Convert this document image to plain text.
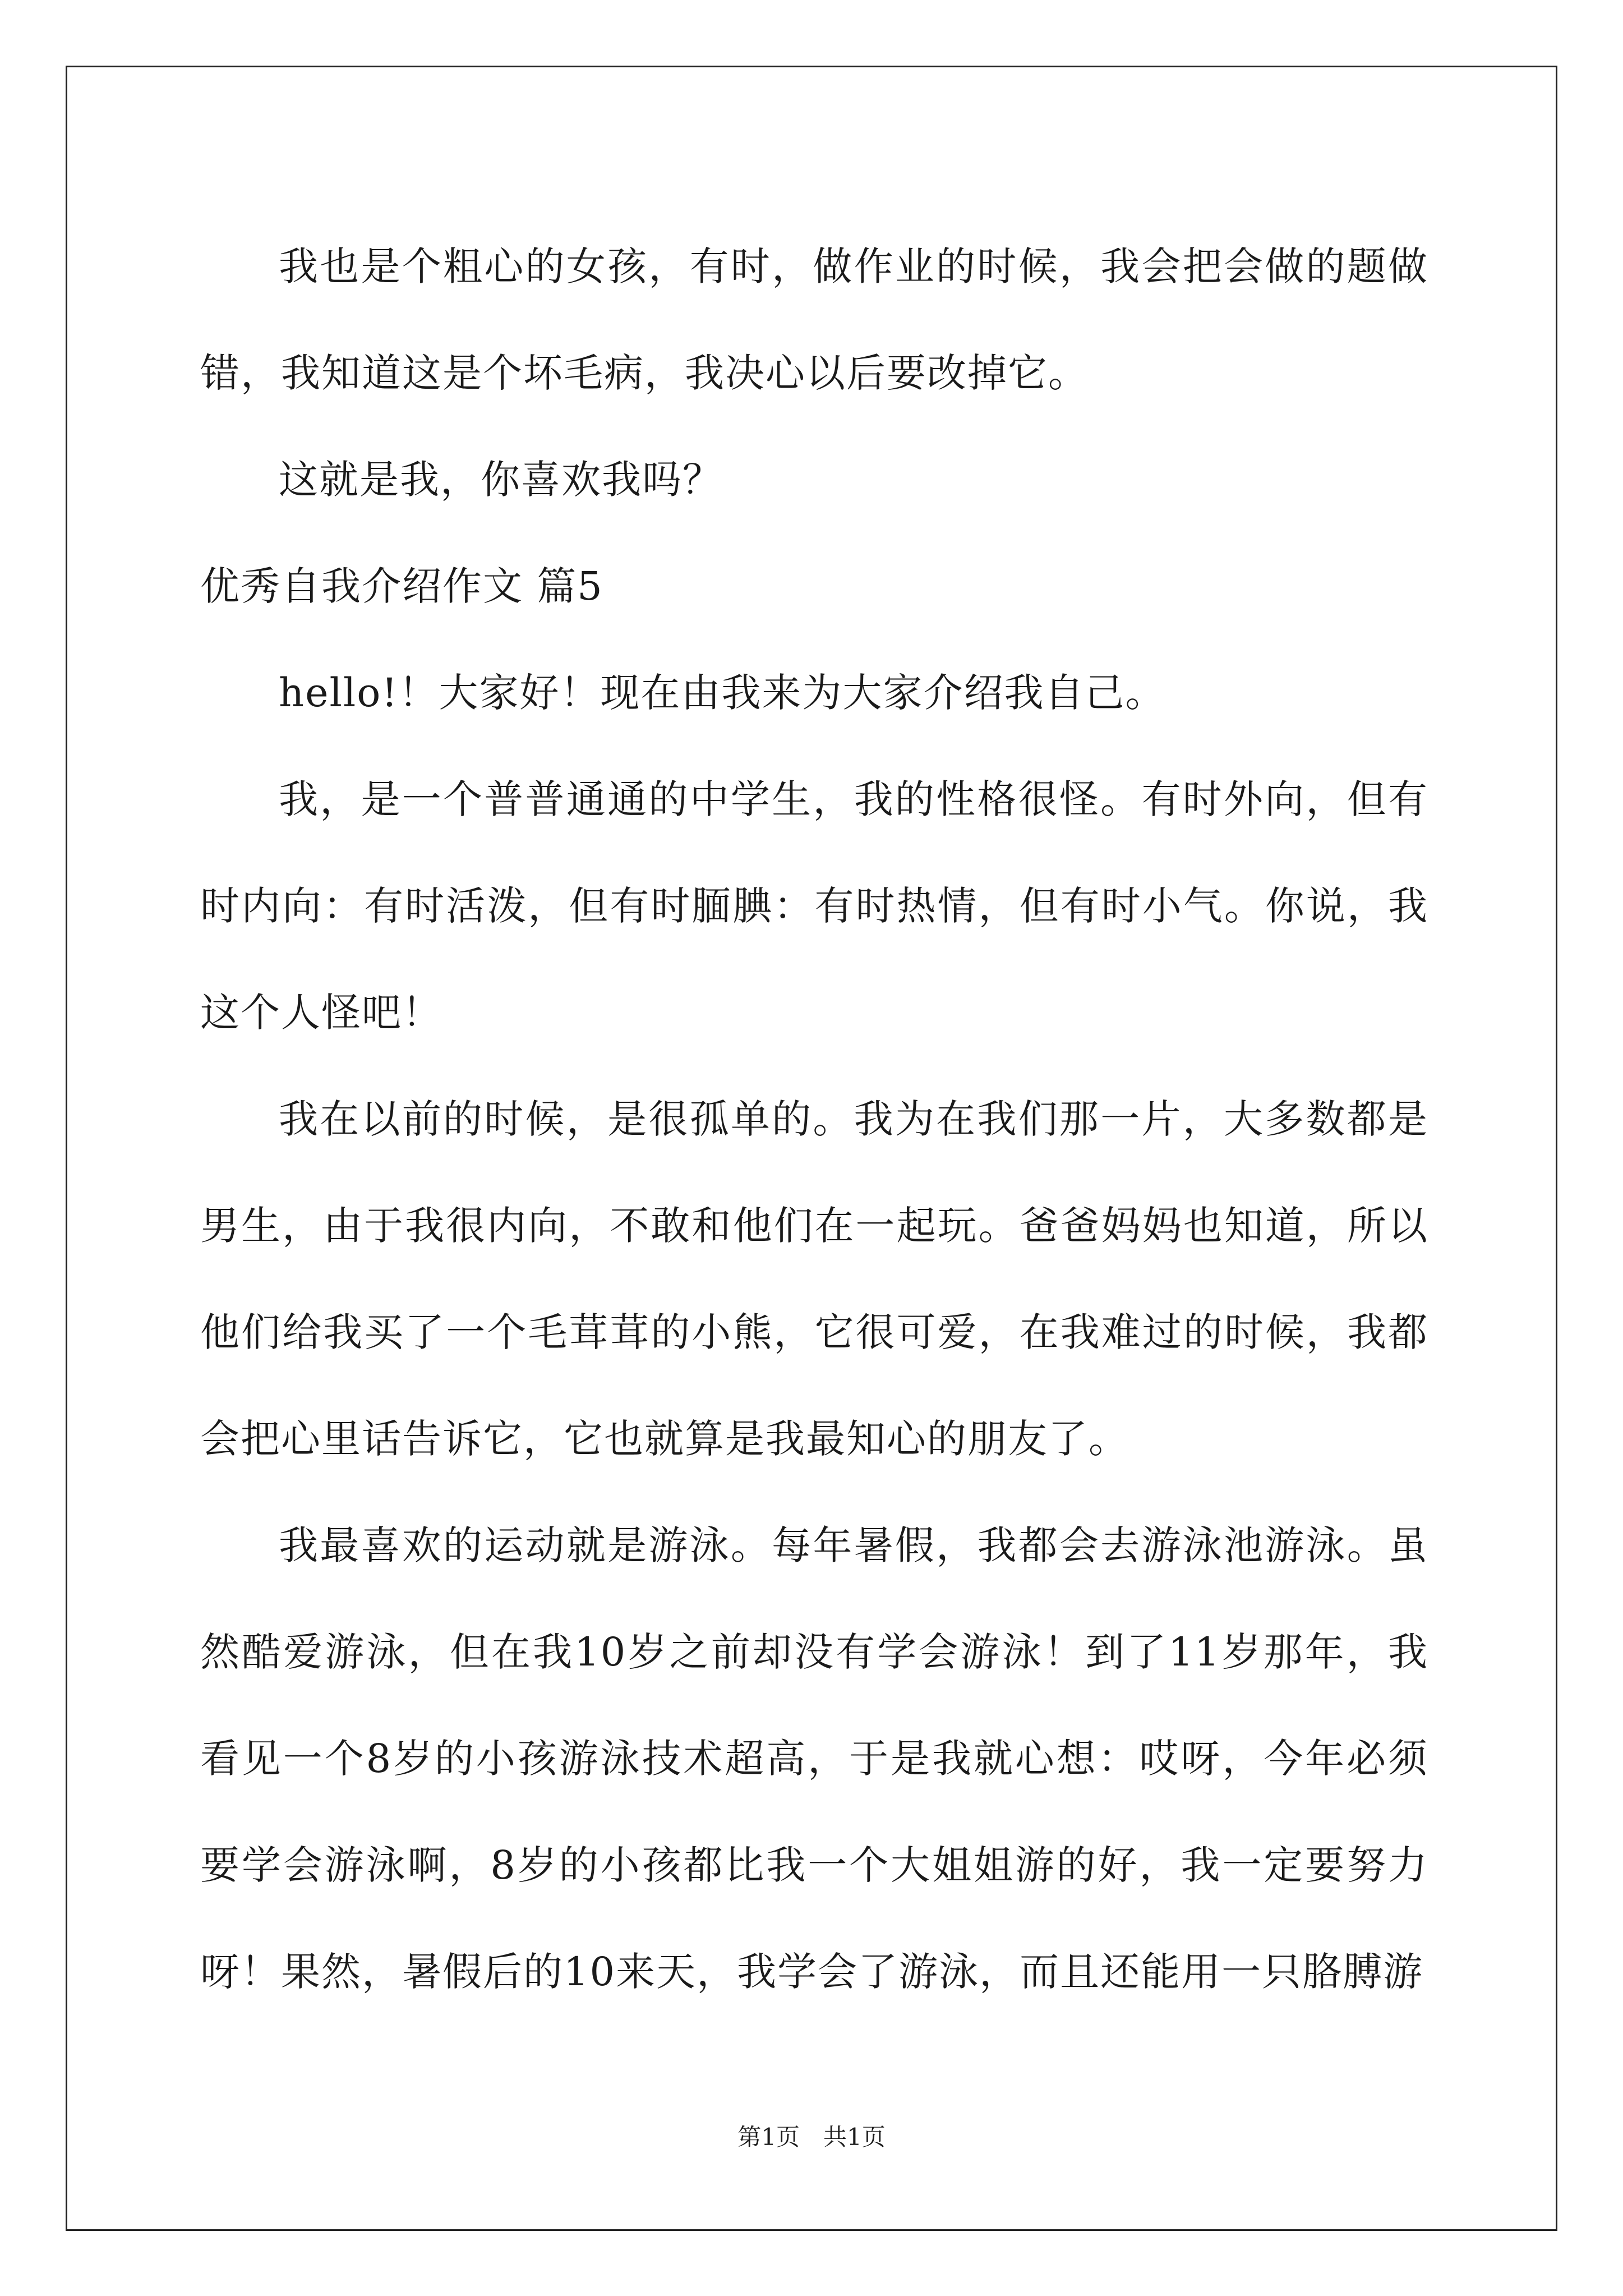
我也是个粗心的女孩，有时，做作业的时候，我会把会做的题做错，我知道这是个坏毛病，我决心以后要改掉它。

这就是我，你喜欢我吗？

优秀自我介绍作文 篇5

hello!！大家好！现在由我来为大家介绍我自己。

我，是一个普普通通的中学生，我的性格很怪。有时外向，但有时内向：有时活泼，但有时腼腆：有时热情，但有时小气。你说，我这个人怪吧！

我在以前的时候，是很孤单的。我为在我们那一片，大多数都是男生，由于我很内向，不敢和他们在一起玩。爸爸妈妈也知道，所以他们给我买了一个毛茸茸的小熊，它很可爱，在我难过的时候，我都会把心里话告诉它，它也就算是我最知心的朋友了。

我最喜欢的运动就是游泳。每年暑假，我都会去游泳池游泳。虽然酷爱游泳，但在我10岁之前却没有学会游泳！到了11岁那年，我看见一个8岁的小孩游泳技术超高，于是我就心想：哎呀，今年必须要学会游泳啊，8岁的小孩都比我一个大姐姐游的好，我一定要努力呀！果然，暑假后的10来天，我学会了游泳，而且还能用一只胳膊游

第1页　共1页
